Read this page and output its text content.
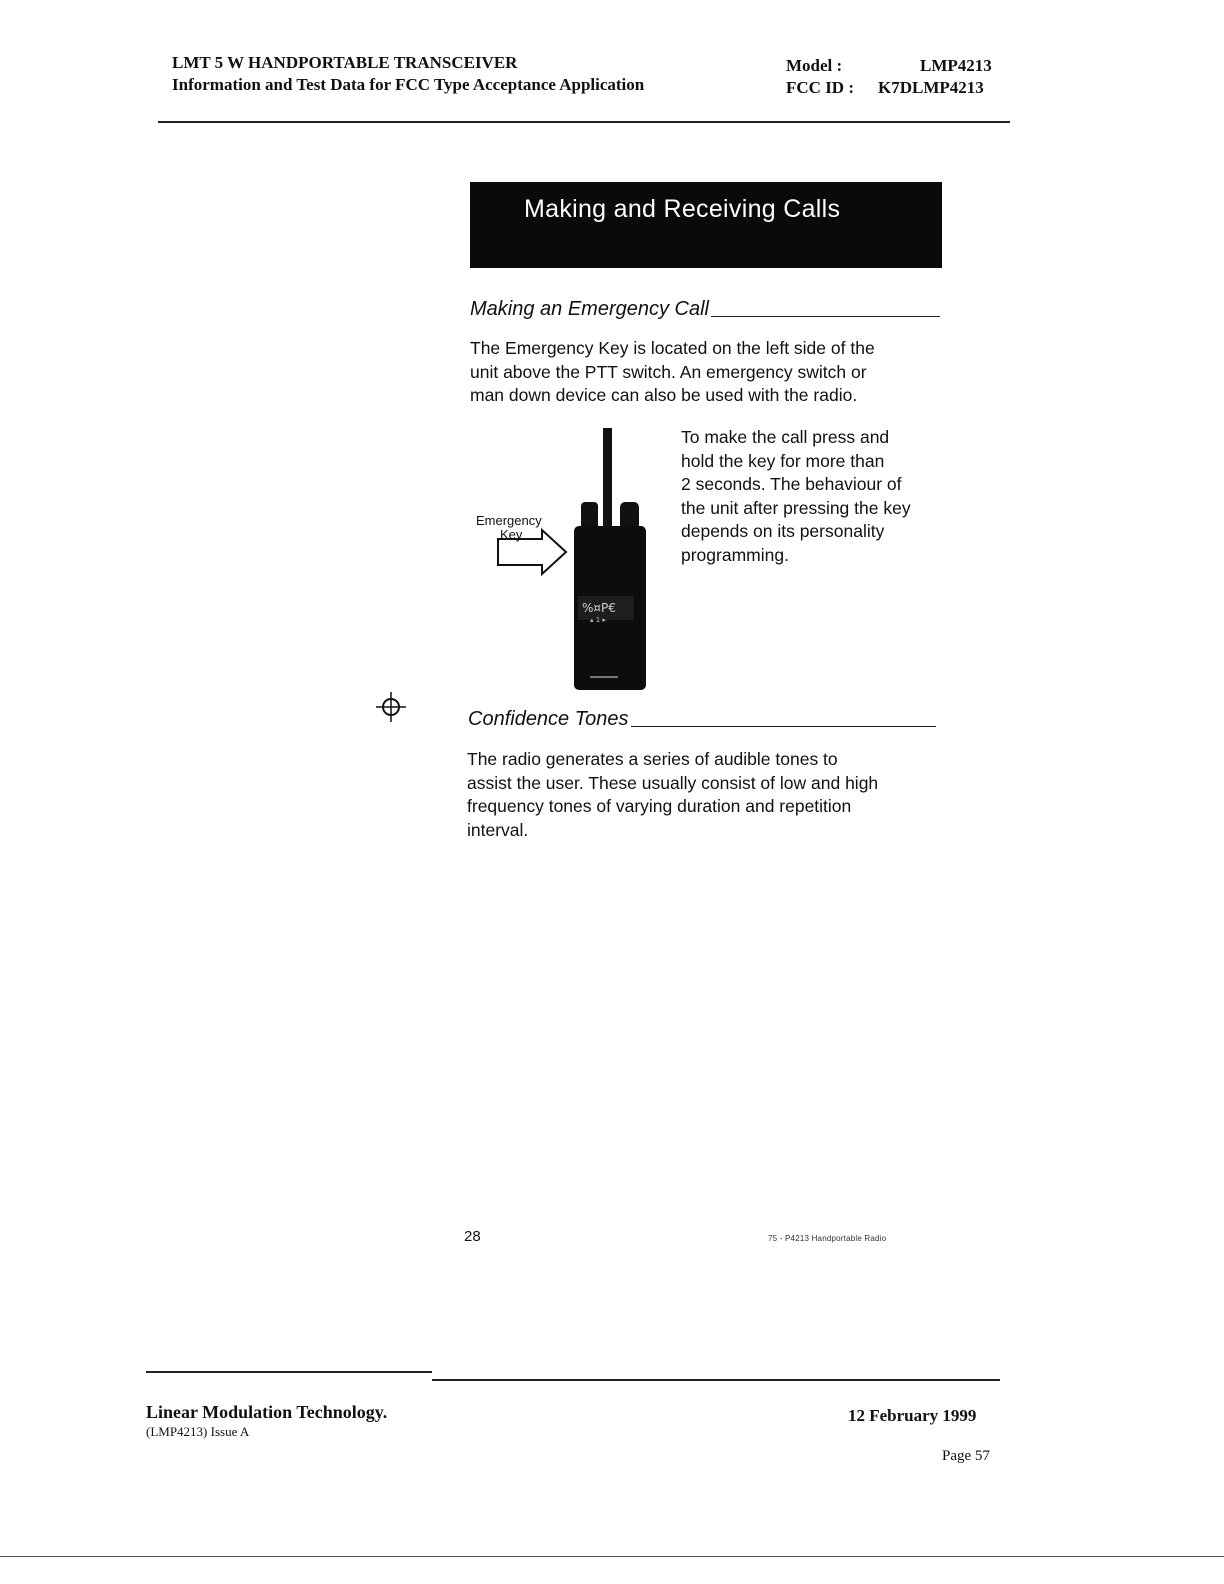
LMT 5 W HANDPORTABLE TRANSCEIVER
Information and Test Data for FCC Type Acceptance Application
Model :	LMP4213
FCC ID :	K7DLMP4213
Making and Receiving Calls
Making an Emergency Call
The Emergency Key is located on the left side of the
unit above the PTT switch. An emergency switch or
man down device can also be used with the radio.
%¤P€
▴ 1 ▸
Emergency
Key
To make the call press and
hold the key for more than
2 seconds. The behaviour of
the unit after pressing the key
depends on its personality
programming.
Confidence Tones
The radio generates a series of audible tones to
assist the user. These usually consist of low and high
frequency tones of varying duration and repetition
interval.
28	75 - P4213 Handportable Radio
Linear Modulation Technology.
(LMP4213) Issue A
12 February 1999
Page 57
